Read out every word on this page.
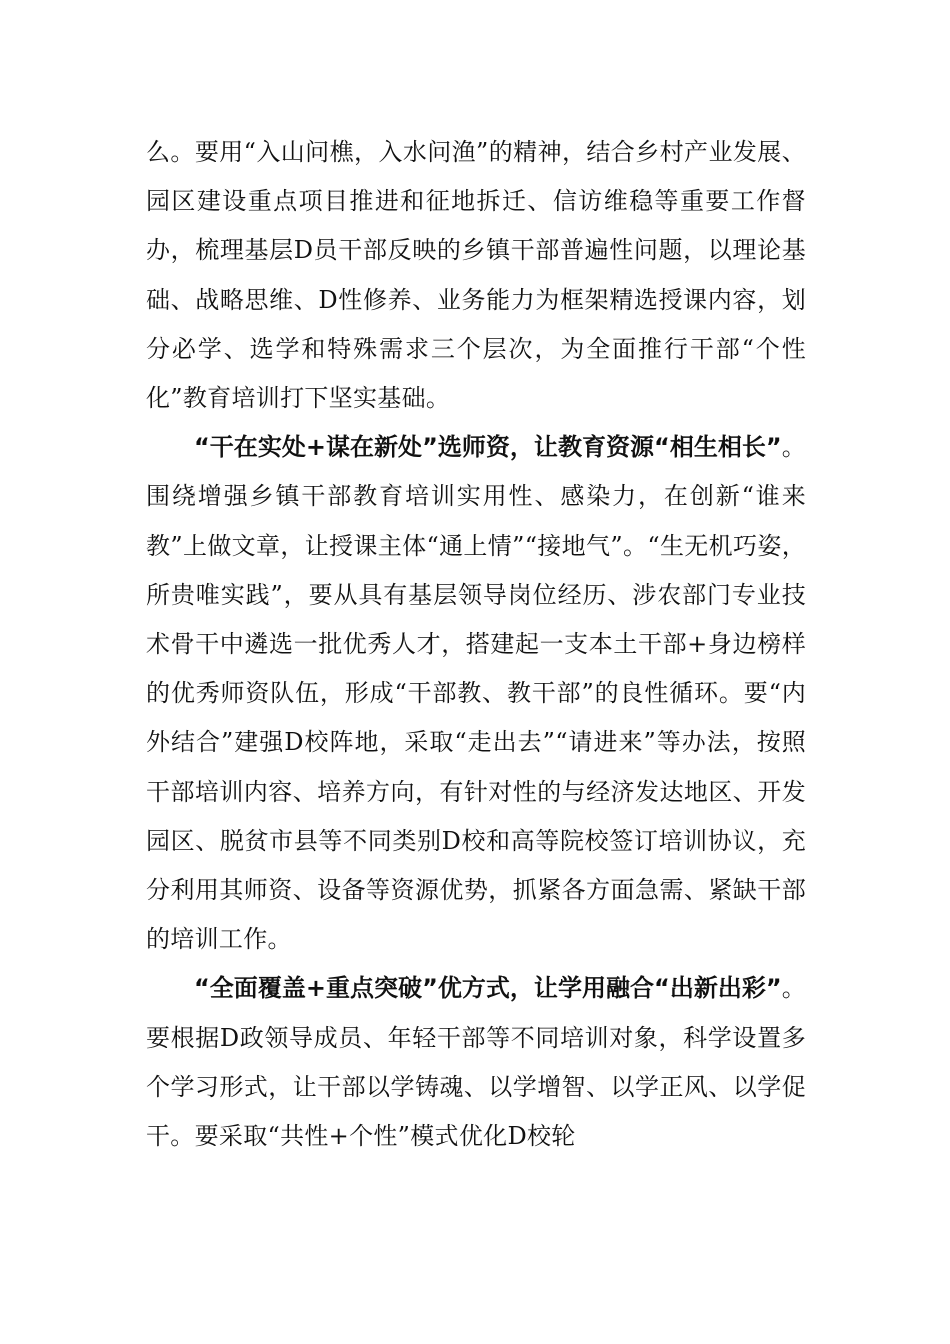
么。要用“入山问樵，入水问渔”的精神，结合乡村产业发展、园区建设重点项目推进和征地拆迁、信访维稳等重要工作督办，梳理基层D员干部反映的乡镇干部普遍性问题，以理论基础、战略思维、D性修养、业务能力为框架精选授课内容，划分必学、选学和特殊需求三个层次，为全面推行干部“个性化”教育培训打下坚实基础。

“干在实处+谋在新处”选师资，让教育资源“相生相长”。围绕增强乡镇干部教育培训实用性、感染力，在创新“谁来教”上做文章，让授课主体“通上情”“接地气”。“生无机巧姿，所贵唯实践”，要从具有基层领导岗位经历、涉农部门专业技术骨干中遴选一批优秀人才，搭建起一支本土干部+身边榜样的优秀师资队伍，形成“干部教、教干部”的良性循环。要“内外结合”建强D校阵地，采取“走出去”“请进来”等办法，按照干部培训内容、培养方向，有针对性的与经济发达地区、开发园区、脱贫市县等不同类别D校和高等院校签订培训协议，充分利用其师资、设备等资源优势，抓紧各方面急需、紧缺干部的培训工作。

“全面覆盖+重点突破”优方式，让学用融合“出新出彩”。要根据D政领导成员、年轻干部等不同培训对象，科学设置多个学习形式，让干部以学铸魂、以学增智、以学正风、以学促干。要采取“共性+个性”模式优化D校轮
